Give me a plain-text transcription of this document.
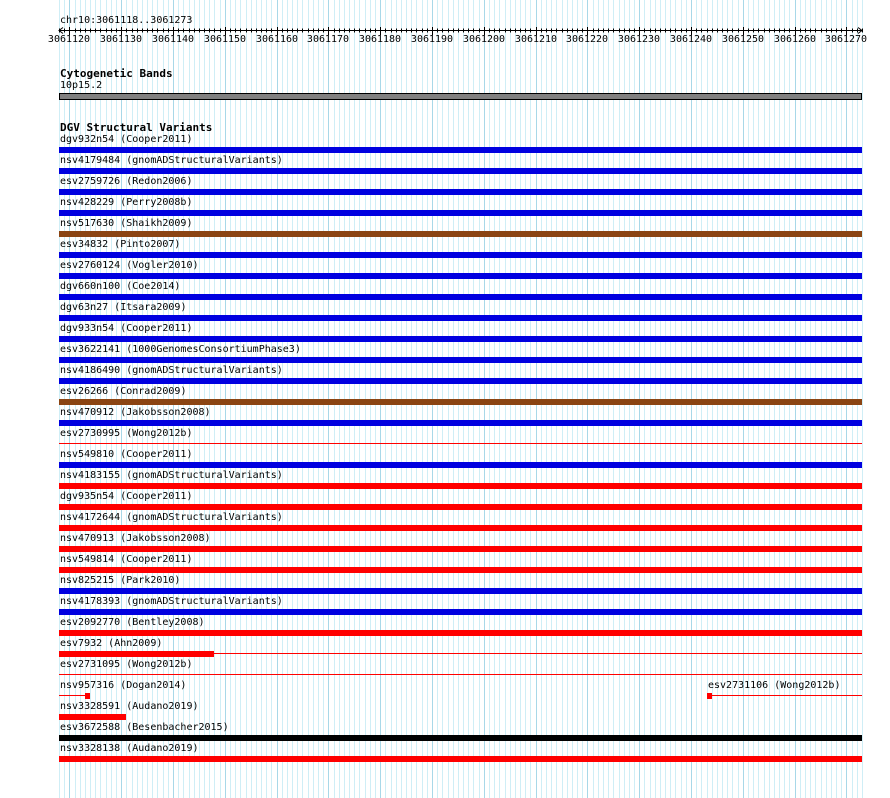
chr10:3061118..3061273
3061120 3061130 3061140 3061150 3061160 3061170 3061180 3061190 3061200 3061210 3061220 3061230 3061240 3061250 3061260 3061270
Cytogenetic Bands
10p15.2
DGV Structural Variants
dgv932n54 (Cooper2011)
nsv4179484 (gnomADStructuralVariants)
esv2759726 (Redon2006)
nsv428229 (Perry2008b)
nsv517630 (Shaikh2009)
esv34832 (Pinto2007)
esv2760124 (Vogler2010)
dgv660n100 (Coe2014)
dgv63n27 (Itsara2009)
dgv933n54 (Cooper2011)
esv3622141 (1000GenomesConsortiumPhase3)
nsv4186490 (gnomADStructuralVariants)
esv26266 (Conrad2009)
nsv470912 (Jakobsson2008)
esv2730995 (Wong2012b)
nsv549810 (Cooper2011)
nsv4183155 (gnomADStructuralVariants)
dgv935n54 (Cooper2011)
nsv4172644 (gnomADStructuralVariants)
nsv470913 (Jakobsson2008)
nsv549814 (Cooper2011)
nsv825215 (Park2010)
nsv4178393 (gnomADStructuralVariants)
esv2092770 (Bentley2008)
esv7932 (Ahn2009)
esv2731095 (Wong2012b)
nsv957316 (Dogan2014)	esv2731106 (Wong2012b)
nsv3328591 (Audano2019)
esv3672588 (Besenbacher2015)
nsv3328138 (Audano2019)
